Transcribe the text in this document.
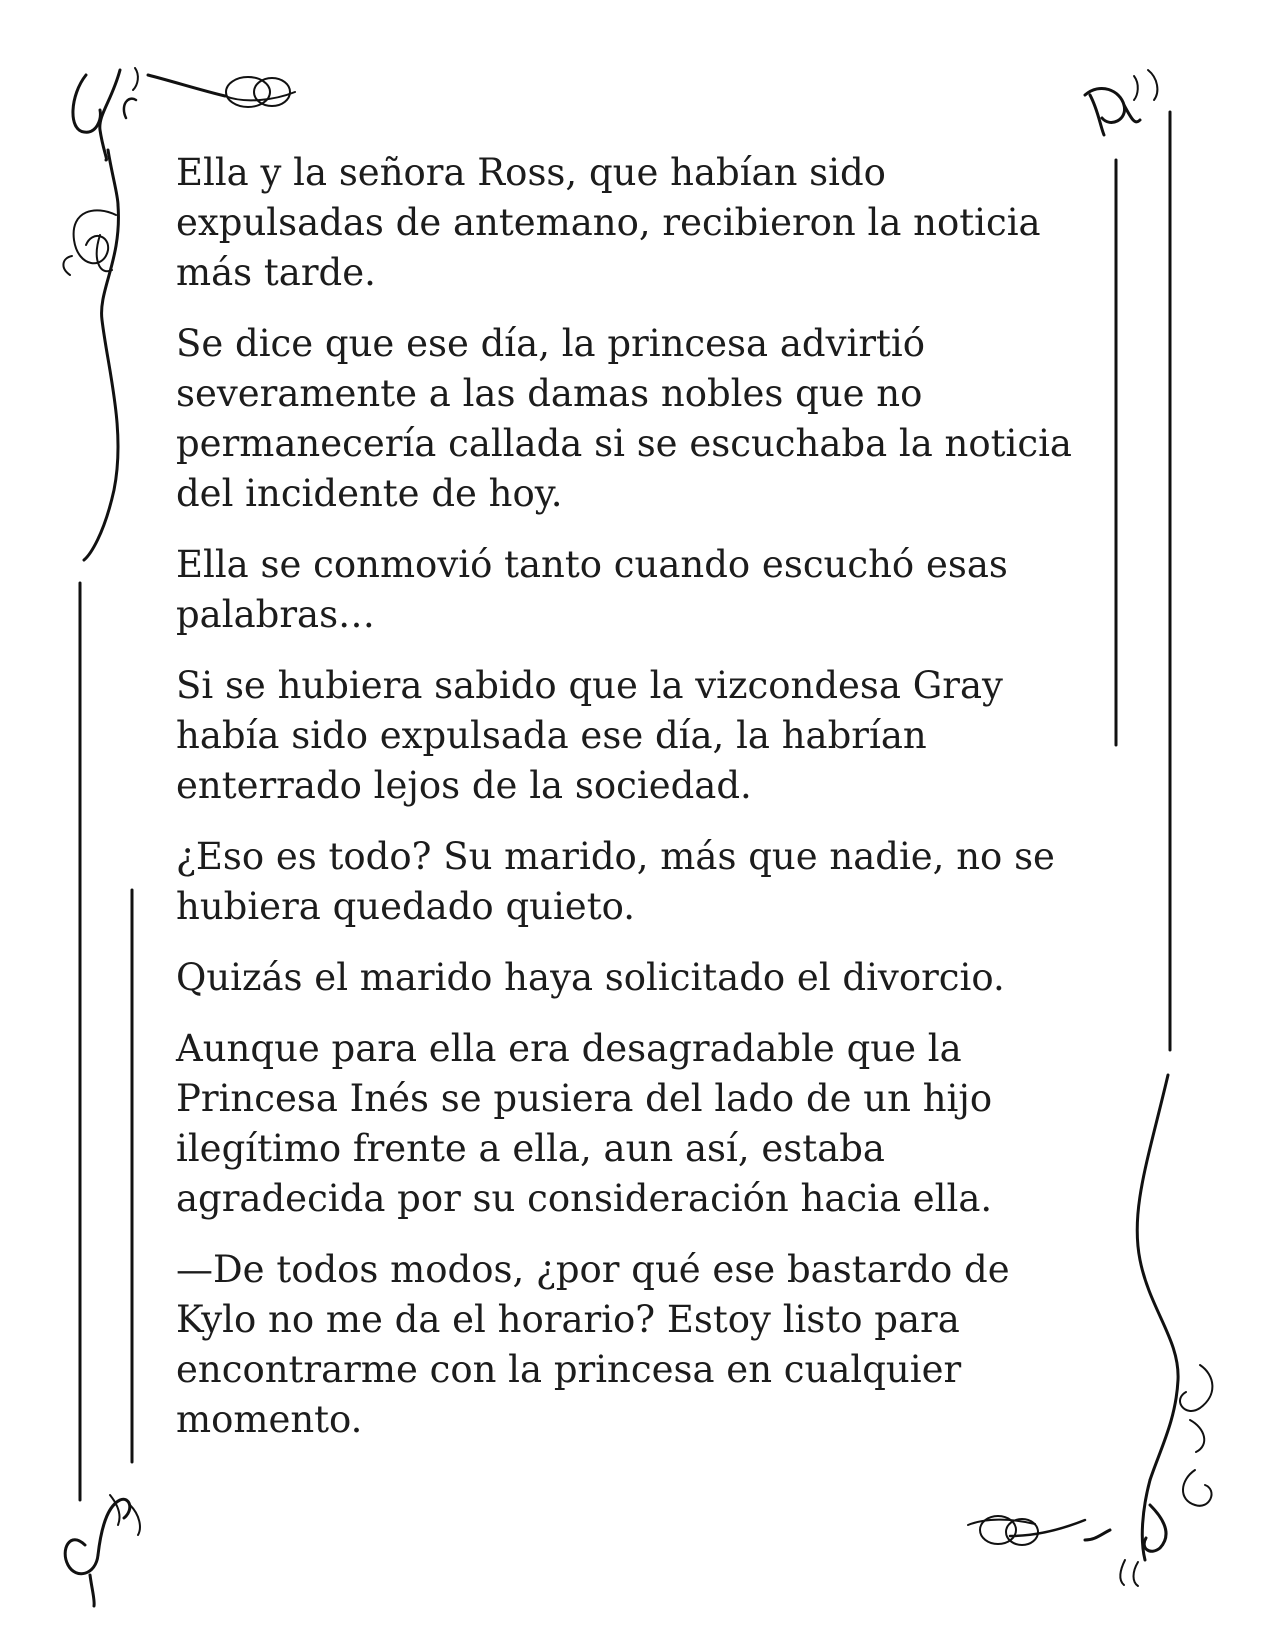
Ella y la señora Ross, que habían sido expulsadas de antemano, recibieron la noticia más tarde.

Se dice que ese día, la princesa advirtió severamente a las damas nobles que no permanecería callada si se escuchaba la noticia del incidente de hoy.

Ella se conmovió tanto cuando escuchó esas palabras…

Si se hubiera sabido que la vizcondesa Gray había sido expulsada ese día, la habrían enterrado lejos de la sociedad.

¿Eso es todo? Su marido, más que nadie, no se hubiera quedado quieto.

Quizás el marido haya solicitado el divorcio.

Aunque para ella era desagradable que la Princesa Inés se pusiera del lado de un hijo ilegítimo frente a ella, aun así, estaba agradecida por su consideración hacia ella.

—De todos modos, ¿por qué ese bastardo de Kylo no me da el horario? Estoy listo para encontrarme con la princesa en cualquier momento.
